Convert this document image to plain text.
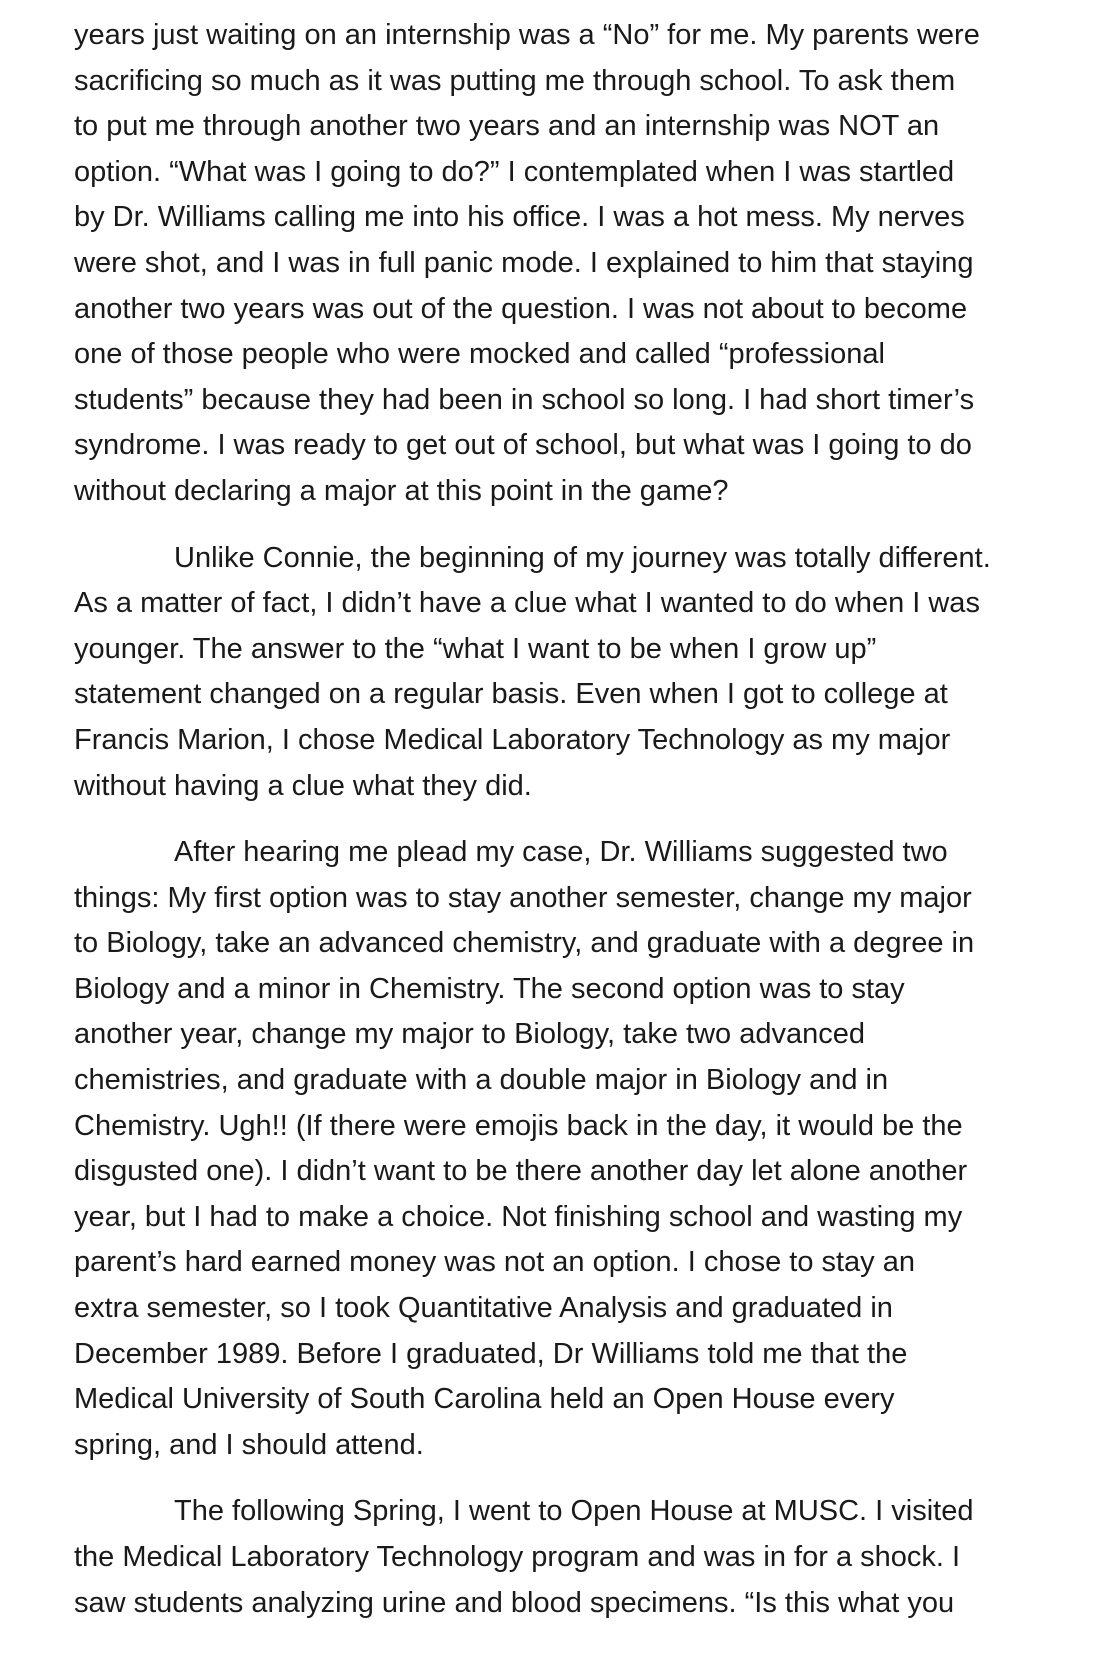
years just waiting on an internship was a “No” for me. My parents were
sacrificing so much as it was putting me through school. To ask them
to put me through another two years and an internship was NOT an
option. “What was I going to do?” I contemplated when I was startled
by Dr. Williams calling me into his office. I was a hot mess. My nerves
were shot, and I was in full panic mode. I explained to him that staying
another two years was out of the question. I was not about to become
one of those people who were mocked and called “professional
students” because they had been in school so long. I had short timer’s
syndrome. I was ready to get out of school, but what was I going to do
without declaring a major at this point in the game?

Unlike Connie, the beginning of my journey was totally different.
As a matter of fact, I didn’t have a clue what I wanted to do when I was
younger. The answer to the “what I want to be when I grow up”
statement changed on a regular basis. Even when I got to college at
Francis Marion, I chose Medical Laboratory Technology as my major
without having a clue what they did.

After hearing me plead my case, Dr. Williams suggested two
things: My first option was to stay another semester, change my major
to Biology, take an advanced chemistry, and graduate with a degree in
Biology and a minor in Chemistry. The second option was to stay
another year, change my major to Biology, take two advanced
chemistries, and graduate with a double major in Biology and in
Chemistry. Ugh!! (If there were emojis back in the day, it would be the
disgusted one). I didn’t want to be there another day let alone another
year, but I had to make a choice. Not finishing school and wasting my
parent’s hard earned money was not an option. I chose to stay an
extra semester, so I took Quantitative Analysis and graduated in
December 1989. Before I graduated, Dr Williams told me that the
Medical University of South Carolina held an Open House every
spring, and I should attend.

The following Spring, I went to Open House at MUSC. I visited
the Medical Laboratory Technology program and was in for a shock. I
saw students analyzing urine and blood specimens. “Is this what you
